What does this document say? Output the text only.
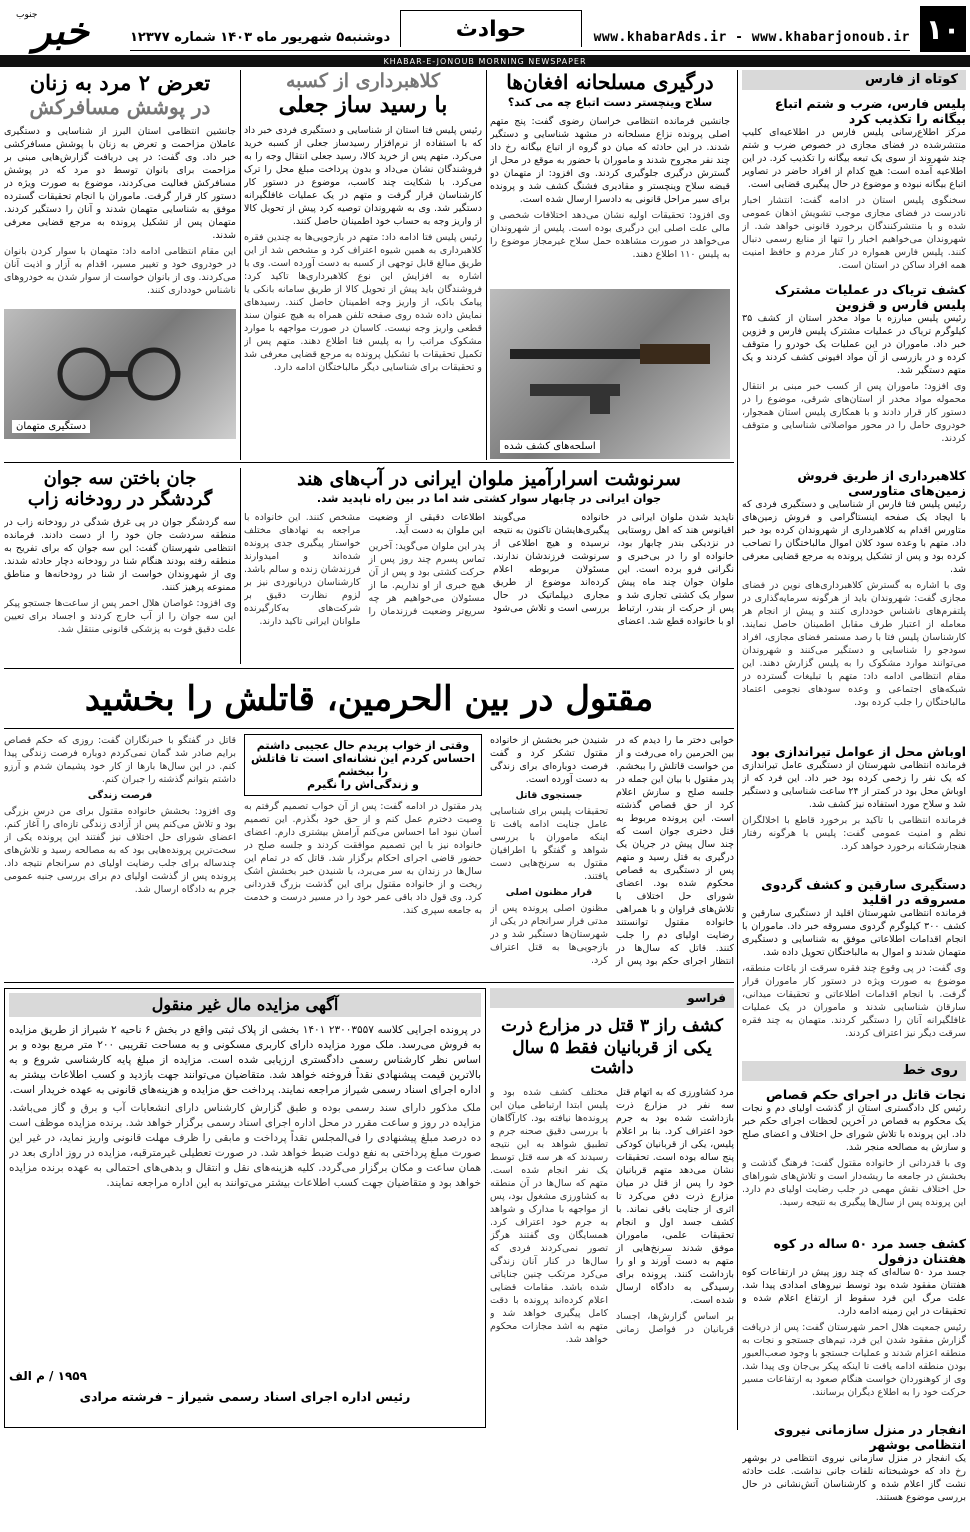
۱۰
www.khabarAds.ir - www.khabarjonoub.ir
حوادث
دوشنبه۵ شهریور ماه ۱۴۰۳ شماره ۱۲۳۷۷
خبر
جنوب
KHABAR-E-JONOUB MORNING NEWSPAPER
کوتاه از فارس
پلیس فارس، ضرب و شتم اتباع بیگانه را تکذیب کرد

مرکز اطلاع‌رسانی پلیس فارس در اطلاعیه‌ای کلیپ منتشرشده در فضای مجازی در خصوص ضرب و شتم چند شهروند از سوی یک تبعه بیگانه را تکذیب کرد. در این اطلاعیه آمده است: هیچ کدام از افراد حاضر در تصاویر اتباع بیگانه نبوده و موضوع در حال پیگیری قضایی است.

سخنگوی پلیس استان در ادامه گفت: انتشار اخبار نادرست در فضای مجازی موجب تشویش اذهان عمومی شده و با منتشرکنندگان برخورد قانونی خواهد شد. از شهروندان می‌خواهیم اخبار را تنها از منابع رسمی دنبال کنند. پلیس فارس همواره در کنار مردم و حافظ امنیت همه افراد ساکن در استان است.

کشف تریاک در عملیات مشترک پلیس فارس و قزوین

رئیس پلیس مبارزه با مواد مخدر استان از کشف ۳۵ کیلوگرم تریاک در عملیات مشترک پلیس فارس و قزوین خبر داد. ماموران در این عملیات یک خودرو را متوقف کرده و در بازرسی از آن مواد افیونی کشف کردند و یک متهم دستگیر شد.

وی افزود: ماموران پس از کسب خبر مبنی بر انتقال محموله مواد مخدر از استان‌های شرقی، موضوع را در دستور کار قرار دادند و با همکاری پلیس استان همجوار، خودروی حامل را در محور مواصلاتی شناسایی و متوقف کردند.

کلاهبرداری از طریق فروش زمین‌های متاورسی

رئیس پلیس فتا فارس از شناسایی و دستگیری فردی که با ایجاد یک صفحه اینستاگرامی و فروش زمین‌های متاورس اقدام به کلاهبرداری از شهروندان کرده بود خبر داد. متهم با وعده سود کلان اموال مالباختگان را تصاحب کرده بود و پس از تشکیل پرونده به مرجع قضایی معرفی شد.

وی با اشاره به گسترش کلاهبرداری‌های نوین در فضای مجازی گفت: شهروندان باید از هرگونه سرمایه‌گذاری در پلتفرم‌های ناشناس خودداری کنند و پیش از انجام هر معامله از اعتبار طرف مقابل اطمینان حاصل نمایند. کارشناسان پلیس فتا با رصد مستمر فضای مجازی، افراد سودجو را شناسایی و دستگیر می‌کنند و شهروندان می‌توانند موارد مشکوک را به پلیس گزارش دهند. این مقام انتظامی ادامه داد: متهم با تبلیغات گسترده در شبکه‌های اجتماعی و وعده سودهای نجومی اعتماد مالباختگان را جلب کرده بود.

اوباش محل از عوامل تیراندازی بود

فرمانده انتظامی شهرستان از دستگیری عامل تیراندازی که یک نفر را زخمی کرده بود خبر داد. این فرد که از اوباش محل بود در کمتر از ۲۴ ساعت شناسایی و دستگیر شد و سلاح مورد استفاده نیز کشف شد.

فرمانده انتظامی با تاکید بر برخورد قاطع با اخلالگران نظم و امنیت عمومی گفت: پلیس با هرگونه رفتار هنجارشکنانه برخورد خواهد کرد.

دستگیری سارقین و کشف گردوی مسروقه در اقلید

فرمانده انتظامی شهرستان اقلید از دستگیری سارقین و کشف ۳۰۰ کیلوگرم گردوی مسروقه خبر داد. ماموران با انجام اقدامات اطلاعاتی موفق به شناسایی و دستگیری متهمان شدند و اموال به مالباختگان تحویل داده شد.

وی گفت: در پی وقوع چند فقره سرقت از باغات منطقه، موضوع به صورت ویژه در دستور کار ماموران قرار گرفت. با انجام اقدامات اطلاعاتی و تحقیقات میدانی، سارقان شناسایی شدند و ماموران در یک عملیات غافلگیرانه آنان را دستگیر کردند. متهمان به چند فقره سرقت دیگر نیز اعتراف کردند.

روی خط
نجات قاتل در اجرای حکم قصاص

رئیس کل دادگستری استان از گذشت اولیای دم و نجات یک محکوم به قصاص در آخرین لحظات اجرای حکم خبر داد. این پرونده با تلاش شورای حل اختلاف و اعضای صلح و سازش به مصالحه منجر شد.

وی با قدردانی از خانواده مقتول گفت: فرهنگ گذشت و بخشش در جامعه ما ریشه‌دار است و تلاش‌های شوراهای حل اختلاف نقش مهمی در جلب رضایت اولیای دم دارد. این پرونده پس از سال‌ها پیگیری به نتیجه رسید.

کشف جسد مرد ۵۰ ساله در کوه هفتنان دزفول

جسد مرد ۵۰ ساله‌ای که چند روز پیش در ارتفاعات کوه هفتنان مفقود شده بود توسط نیروهای امدادی پیدا شد. علت مرگ این فرد سقوط از ارتفاع اعلام شده و تحقیقات در این زمینه ادامه دارد.

رئیس جمعیت هلال احمر شهرستان گفت: پس از دریافت گزارش مفقود شدن این فرد، تیم‌های جستجو و نجات به منطقه اعزام شدند و عملیات جستجو با وجود صعب‌العبور بودن منطقه ادامه یافت تا اینکه پیکر بی‌جان وی پیدا شد. وی از کوهنوردان خواست هنگام صعود به ارتفاعات مسیر حرکت خود را به اطلاع دیگران برسانند.

انفجار در منزل سازمانی نیروی انتظامی بوشهر

یک انفجار در منزل سازمانی نیروی انتظامی در بوشهر رخ داد که خوشبختانه تلفات جانی نداشت. علت حادثه نشت گاز اعلام شده و کارشناسان آتش‌نشانی در حال بررسی موضوع هستند.

درگیری مسلحانه افغان‌ها
سلاح وینچستر دست اتباع چه می کند؟

جانشین فرمانده انتظامی خراسان رضوی گفت: پنج متهم اصلی پرونده نزاع مسلحانه در مشهد شناسایی و دستگیر شدند. در این حادثه که میان دو گروه از اتباع بیگانه رخ داد چند نفر مجروح شدند و ماموران با حضور به موقع در محل از گسترش درگیری جلوگیری کردند. وی افزود: از متهمان دو قبضه سلاح وینچستر و مقادیری فشنگ کشف شد و پرونده برای سیر مراحل قانونی به دادسرا ارسال شده است.

وی افزود: تحقیقات اولیه نشان می‌دهد اختلافات شخصی و مالی علت اصلی این درگیری بوده است. پلیس از شهروندان می‌خواهد در صورت مشاهده حمل سلاح غیرمجاز موضوع را به پلیس ۱۱۰ اطلاع دهند.

اسلحه‌های کشف شده
کلاهبرداری از کسبه
با رسید ساز جعلی

رئیس پلیس فتا استان از شناسایی و دستگیری فردی خبر داد که با استفاده از نرم‌افزار رسیدساز جعلی از کسبه خرید می‌کرد. متهم پس از خرید کالا، رسید جعلی انتقال وجه را به فروشندگان نشان می‌داد و بدون پرداخت مبلغ محل را ترک می‌کرد. با شکایت چند کاسب، موضوع در دستور کار کارشناسان قرار گرفت و متهم در یک عملیات غافلگیرانه دستگیر شد. وی به شهروندان توصیه کرد پیش از تحویل کالا از واریز وجه به حساب خود اطمینان حاصل کنند.

رئیس پلیس فتا ادامه داد: متهم در بازجویی‌ها به چندین فقره کلاهبرداری به همین شیوه اعتراف کرد و مشخص شد از این طریق مبالغ قابل توجهی از کسبه به دست آورده است. وی با اشاره به افزایش این نوع کلاهبرداری‌ها تاکید کرد: فروشندگان باید پیش از تحویل کالا از طریق سامانه بانکی یا پیامک بانک، از واریز وجه اطمینان حاصل کنند. رسیدهای نمایش داده شده روی صفحه تلفن همراه به هیچ عنوان سند قطعی واریز وجه نیست. کاسبان در صورت مواجهه با موارد مشکوک مراتب را به پلیس فتا اطلاع دهند. متهم پس از تکمیل تحقیقات با تشکیل پرونده به مرجع قضایی معرفی شد و تحقیقات برای شناسایی دیگر مالباختگان ادامه دارد.

تعرض ۲ مرد به زنان
در پوشش مسافرکش

جانشین انتظامی استان البرز از شناسایی و دستگیری عاملان مزاحمت و تعرض به زنان با پوشش مسافرکشی خبر داد. وی گفت: در پی دریافت گزارش‌هایی مبنی بر مزاحمت برای بانوان توسط دو مرد که در پوشش مسافرکش فعالیت می‌کردند، موضوع به صورت ویژه در دستور کار قرار گرفت. ماموران با انجام تحقیقات گسترده موفق به شناسایی متهمان شدند و آنان را دستگیر کردند. متهمان پس از تشکیل پرونده به مرجع قضایی معرفی شدند.

این مقام انتظامی ادامه داد: متهمان با سوار کردن بانوان در خودروی خود و تغییر مسیر، اقدام به آزار و اذیت آنان می‌کردند. وی از بانوان خواست از سوار شدن به خودروهای ناشناس خودداری کنند.

دستگیری متهمان
جان باختن سه جوان
گردشگر در رودخانه زاب

سه گردشگر جوان در پی غرق شدگی در رودخانه زاب در منطقه سردشت جان خود را از دست دادند. فرمانده انتظامی شهرستان گفت: این سه جوان که برای تفریح به منطقه رفته بودند هنگام شنا در رودخانه دچار حادثه شدند. وی از شهروندان خواست از شنا در رودخانه‌ها و مناطق ممنوعه پرهیز کنند.

وی افزود: غواصان هلال احمر پس از ساعت‌ها جستجو پیکر این سه جوان را از آب خارج کردند و اجساد برای تعیین علت دقیق فوت به پزشکی قانونی منتقل شد.

سرنوشت اسرارآمیز ملوان ایرانی در آب‌های هند
جوان ایرانی در چابهار سوار کشتی شد اما در بین راه ناپدید شد.

ناپدید شدن ملوان ایرانی در اقیانوس هند که اهل روستایی در نزدیکی بندر چابهار بود، خانواده او را در بی‌خبری و نگرانی فرو برده است. این ملوان جوان چند ماه پیش سوار یک کشتی تجاری شد و پس از حرکت از بندر، ارتباط او با خانواده قطع شد. اعضای خانواده می‌گویند پیگیری‌هایشان تاکنون به نتیجه نرسیده و هیچ اطلاعی از سرنوشت فرزندشان ندارند. مسئولان مربوطه اعلام کرده‌اند موضوع از طریق مجاری دیپلماتیک در حال بررسی است و تلاش می‌شود اطلاعات دقیقی از وضعیت این ملوان به دست آید.

پدر این ملوان می‌گوید: آخرین تماس پسرم چند روز پس از حرکت کشتی بود و پس از آن هیچ خبری از او نداریم. ما از مسئولان می‌خواهیم هر چه سریع‌تر وضعیت فرزندمان را مشخص کنند. این خانواده با مراجعه به نهادهای مختلف خواستار پیگیری جدی پرونده شده‌اند و امیدوارند فرزندشان زنده و سالم باشد. کارشناسان دریانوردی نیز بر لزوم نظارت دقیق بر شرکت‌های به‌کارگیرنده ملوانان ایرانی تاکید دارند.

مقتول در بین الحرمین، قاتلش را بخشید

خوابی دختر ما را دیدم که در بین الحرمین راه می‌رفت و از من خواست قاتلش را ببخشم. پدر مقتول با بیان این جمله در جلسه صلح و سازش اعلام کرد از حق قصاص گذشته است. این پرونده مربوط به قتل دختری جوان است که چند سال پیش در جریان یک درگیری به قتل رسید و متهم پس از دستگیری به قصاص محکوم شده بود. اعضای شورای حل اختلاف با تلاش‌های فراوان و با همراهی خانواده مقتول توانستند رضایت اولیای دم را جلب کنند. قاتل که سال‌ها در انتظار اجرای حکم بود پس از شنیدن خبر بخشش از خانواده مقتول تشکر کرد و گفت فرصت دوباره‌ای برای زندگی به دست آورده است.

جستجوی قاتل

تحقیقات پلیس برای شناسایی عامل جنایت ادامه یافت تا اینکه ماموران با بررسی شواهد و گفتگو با اطرافیان مقتول به سرنخ‌هایی دست یافتند.

قرار مظنون اصلی

مظنون اصلی پرونده پس از مدتی فرار سرانجام در یکی از شهرستان‌ها دستگیر شد و در بازجویی‌ها به قتل اعتراف کرد.

وقتی از خواب پریدم حال عجیبی داشتم
احساس کردم این نشانه‌ای است تا قاتلش را ببخشم
و زندگی‌اش را نگیرم

پدر مقتول در ادامه گفت: پس از آن خواب تصمیم گرفتم به وصیت دخترم عمل کنم و از حق خود بگذرم. این تصمیم آسان نبود اما احساس می‌کنم آرامش بیشتری دارم. اعضای خانواده نیز با این تصمیم موافقت کردند و جلسه صلح در حضور قاضی اجرای احکام برگزار شد. قاتل که در تمام این سال‌ها در زندان به سر می‌برد، با شنیدن خبر بخشش اشک ریخت و از خانواده مقتول برای این گذشت بزرگ قدردانی کرد. وی قول داد باقی عمر خود را در مسیر درست و خدمت به جامعه سپری کند.

قاتل در گفتگو با خبرنگاران گفت: روزی که حکم قصاص برایم صادر شد گمان نمی‌کردم دوباره فرصت زندگی پیدا کنم. در این سال‌ها بارها از کار خود پشیمان شدم و آرزو داشتم بتوانم گذشته را جبران کنم.

فرصت زندگی

وی افزود: بخشش خانواده مقتول برای من درس بزرگی بود و تلاش می‌کنم پس از آزادی زندگی تازه‌ای را آغاز کنم. اعضای شورای حل اختلاف نیز گفتند این پرونده یکی از سخت‌ترین پرونده‌هایی بود که به مصالحه رسید و تلاش‌های چندساله برای جلب رضایت اولیای دم سرانجام نتیجه داد. پرونده پس از گذشت اولیای دم برای بررسی جنبه عمومی جرم به دادگاه ارسال شد.

آگهی مزایده مال غیر منقول

در پرونده اجرایی کلاسه ۲۳۰۰۳۵۵۷ ۱۴۰۱ بخشی از پلاک ثبتی واقع در بخش ۶ ناحیه ۲ شیراز از طریق مزایده به فروش می‌رسد. ملک مورد مزایده دارای کاربری مسکونی و به مساحت تقریبی ۲۰۰ متر مربع بوده و بر اساس نظر کارشناس رسمی دادگستری ارزیابی شده است. مزایده از مبلغ پایه کارشناسی شروع و به بالاترین قیمت پیشنهادی نقداً فروخته خواهد شد. متقاضیان می‌توانند جهت بازدید و کسب اطلاعات بیشتر به اداره اجرای اسناد رسمی شیراز مراجعه نمایند. پرداخت حق مزایده و هزینه‌های قانونی به عهده خریدار است.

ملک مذکور دارای سند رسمی بوده و طبق گزارش کارشناس دارای انشعابات آب و برق و گاز می‌باشد. مزایده در روز و ساعت مقرر در محل اداره اجرای اسناد رسمی برگزار خواهد شد. برنده مزایده موظف است ده درصد مبلغ پیشنهادی را فی‌المجلس نقداً پرداخت و مابقی را ظرف مهلت قانونی واریز نماید، در غیر این صورت مبلغ پرداختی به نفع دولت ضبط خواهد شد. در صورت تعطیلی غیرمترقبه، مزایده در روز اداری بعد در همان ساعت و مکان برگزار می‌گردد. کلیه هزینه‌های نقل و انتقال و بدهی‌های احتمالی به عهده برنده مزایده خواهد بود و متقاضیان جهت کسب اطلاعات بیشتر می‌توانند به این اداره مراجعه نمایند.

۱۹۵۹ / م الف
رئیس اداره اجرای اسناد رسمی شیراز – فرشته مرادی
فراسو
کشف راز ۳ قتل در مزارع ذرت
یکی از قربانیان فقط ۵ سال داشت

مرد کشاورزی که به اتهام قتل سه نفر در مزارع ذرت بازداشت شده بود به جرم خود اعتراف کرد. بنا بر اعلام پلیس، یکی از قربانیان کودکی پنج ساله بوده است. تحقیقات نشان می‌دهد متهم قربانیان خود را پس از قتل در میان مزارع ذرت دفن می‌کرد تا اثری از جنایت باقی نماند. با کشف جسد اول و انجام تحقیقات علمی، ماموران موفق شدند سرنخ‌هایی از متهم به دست آورند و او را بازداشت کنند. پرونده برای رسیدگی به دادگاه ارسال شده است.

بر اساس گزارش‌ها، اجساد قربانیان در فواصل زمانی مختلف کشف شده بود و پلیس ابتدا ارتباطی میان این پرونده‌ها نیافته بود. کارآگاهان با بررسی دقیق صحنه جرم و تطبیق شواهد به این نتیجه رسیدند که هر سه قتل توسط یک نفر انجام شده است. متهم که سال‌ها در آن منطقه به کشاورزی مشغول بود، پس از مواجهه با مدارک و شواهد به جرم خود اعتراف کرد. همسایگان وی گفتند هرگز تصور نمی‌کردند فردی که سال‌ها در کنار آنان زندگی می‌کرد مرتکب چنین جنایاتی شده باشد. مقامات قضایی اعلام کرده‌اند پرونده با دقت کامل پیگیری خواهد شد و متهم به اشد مجازات محکوم خواهد شد.
